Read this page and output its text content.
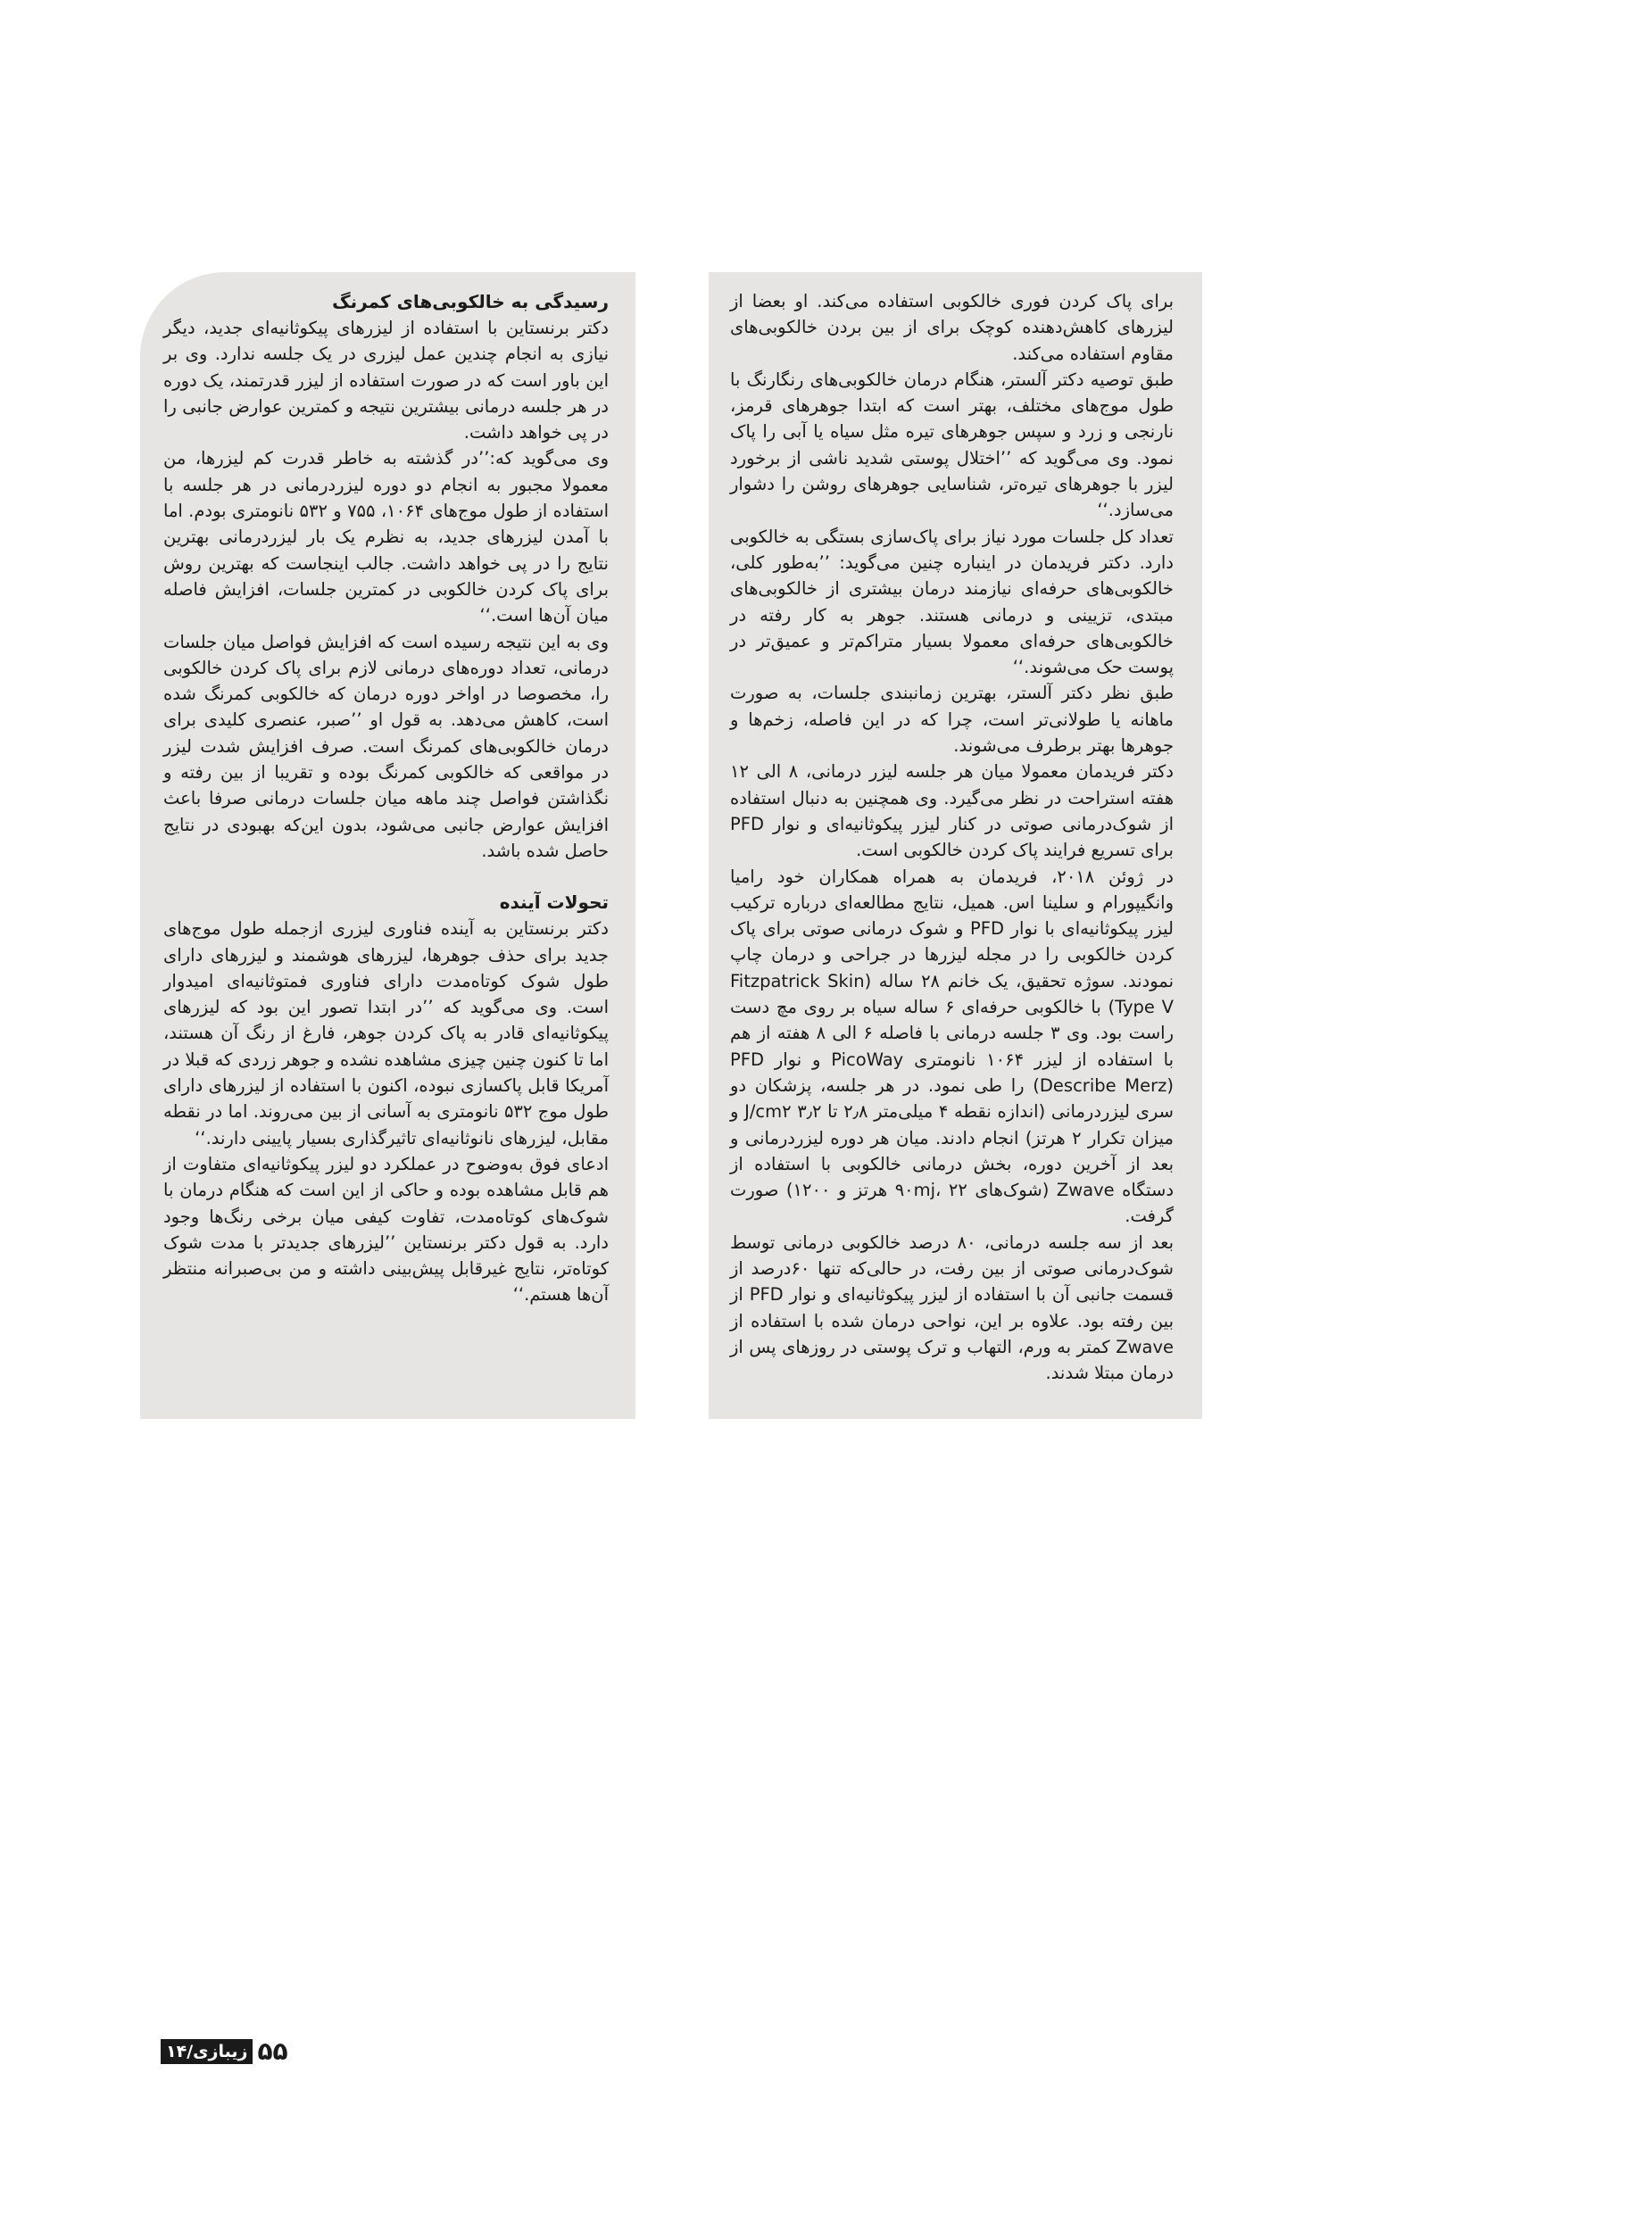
برای پاک کردن فوری خالکوبی استفاده می‌کند. او بعضا از لیزرهای کاهش‌دهنده کوچک برای از بین بردن خالکوبی‌های مقاوم استفاده می‌کند.

طبق توصیه دکتر آلستر، هنگام درمان خالکوبی‌های رنگارنگ با طول موج‌های مختلف، بهتر است که ابتدا جوهرهای قرمز، نارنجی و زرد و سپس جوهرهای تیره مثل سیاه یا آبی را پاک نمود. وی می‌گوید که ’’اختلال پوستی شدید ناشی از برخورد لیزر با جوهرهای تیره‌تر، شناسایی جوهرهای روشن را دشوار می‌سازد.‘‘

تعداد کل جلسات مورد نیاز برای پاک‌سازی بستگی به خالکوبی دارد. دکتر فریدمان در اینباره چنین می‌گوید: ’’به‌طور کلی، خالکوبی‌های حرفه‌ای نیازمند درمان بیشتری از خالکوبی‌های مبتدی، تزیینی و درمانی هستند. جوهر به کار رفته در خالکوبی‌های حرفه‌ای معمولا بسیار متراکم‌تر و عمیق‌تر در پوست حک می‌شوند.‘‘

طبق نظر دکتر آلستر، بهترین زمانبندی جلسات، به صورت ماهانه یا طولانی‌تر است، چرا که در این فاصله، زخم‌ها و جوهرها بهتر برطرف می‌شوند.

دکتر فریدمان معمولا میان هر جلسه لیزر درمانی، ۸ الی ۱۲ هفته استراحت در نظر می‌گیرد. وی همچنین به دنبال استفاده از شوک‌درمانی صوتی در کنار لیزر پیکوثانیه‌ای و نوار PFD برای تسریع فرایند پاک کردن خالکوبی است.

در ژوئن ۲۰۱۸، فریدمان به همراه همکاران خود رامیا وانگیپورام و سلینا اس. همیل، نتایج مطالعه‌ای درباره ترکیب لیزر پیکوثانیه‌ای با نوار PFD و شوک درمانی صوتی برای پاک کردن خالکوبی را در مجله لیزرها در جراحی و درمان چاپ نمودند. سوژه تحقیق، یک خانم ۲۸ ساله (Fitzpatrick Skin Type V) با خالکوبی حرفه‌ای ۶ ساله سیاه بر روی مچ دست راست بود. وی ۳ جلسه درمانی با فاصله ۶ الی ۸ هفته از هم با استفاده از لیزر ۱۰۶۴ نانومتری PicoWay و نوار PFD (Describe Merz) را طی نمود. در هر جلسه، پزشکان دو سری لیزردرمانی (اندازه نقطه ۴ میلی‌متر ۲٫۸ تا ۳٫۲ J/cm۲ و میزان تکرار ۲ هرتز) انجام دادند. میان هر دوره لیزردرمانی و بعد از آخرین دوره، بخش درمانی خالکوبی با استفاده از دستگاه Zwave (شوک‌های ۹۰mj، ۲۲ هرتز و ۱۲۰۰) صورت گرفت.

بعد از سه جلسه درمانی، ۸۰ درصد خالکوبی درمانی توسط شوک‌درمانی صوتی از بین رفت، در حالی‌که تنها ۶۰درصد از قسمت جانبی آن با استفاده از لیزر پیکوثانیه‌ای و نوار PFD از بین رفته بود. علاوه بر این، نواحی درمان شده با استفاده از Zwave کمتر به ورم، التهاب و ترک پوستی در روزهای پس از درمان مبتلا شدند.

رسیدگی به خالکوبی‌های کمرنگ

دکتر برنستاین با استفاده از لیزرهای پیکوثانیه‌ای جدید، دیگر نیازی به انجام چندین عمل لیزری در یک جلسه ندارد. وی بر این باور است که در صورت استفاده از لیزر قدرتمند، یک دوره در هر جلسه درمانی بیشترین نتیجه و کمترین عوارض جانبی را در پی خواهد داشت.

وی می‌گوید که:’’در گذشته به خاطر قدرت کم لیزرها، من معمولا مجبور به انجام دو دوره لیزردرمانی در هر جلسه با استفاده از طول موج‌های ۱۰۶۴، ۷۵۵ و ۵۳۲ نانومتری بودم. اما با آمدن لیزرهای جدید، به نظرم یک بار لیزردرمانی بهترین نتایج را در پی خواهد داشت. جالب اینجاست که بهترین روش برای پاک کردن خالکوبی در کمترین جلسات، افزایش فاصله میان آن‌ها است.‘‘

وی به این نتیجه رسیده است که افزایش فواصل میان جلسات درمانی، تعداد دوره‌های درمانی لازم برای پاک کردن خالکوبی را، مخصوصا در اواخر دوره درمان که خالکوبی کمرنگ شده است، کاهش می‌دهد. به قول او ’’صبر، عنصری کلیدی برای درمان خالکوبی‌های کمرنگ است. صرف افزایش شدت لیزر در مواقعی که خالکوبی کمرنگ بوده و تقریبا از بین رفته و نگذاشتن فواصل چند ماهه میان جلسات درمانی صرفا باعث افزایش عوارض جانبی می‌شود، بدون این‌که بهبودی در نتایج حاصل شده باشد.

تحولات آینده

دکتر برنستاین به آینده فناوری لیزری ازجمله طول موج‌های جدید برای حذف جوهرها، لیزرهای هوشمند و لیزرهای دارای طول شوک کوتاه‌مدت دارای فناوری فمتوثانیه‌ای امیدوار است. وی می‌گوید که ’’در ابتدا تصور این بود که لیزرهای پیکوثانیه‌ای قادر به پاک کردن جوهر، فارغ از رنگ آن هستند، اما تا کنون چنین چیزی مشاهده نشده و جوهر زردی که قبلا در آمریکا قابل پاکسازی نبوده، اکنون با استفاده از لیزرهای دارای طول موج ۵۳۲ نانومتری به آسانی از بین می‌روند. اما در نقطه مقابل، لیزرهای نانوثانیه‌ای تاثیرگذاری بسیار پایینی دارند.‘‘

ادعای فوق به‌وضوح در عملکرد دو لیزر پیکوثانیه‌ای متفاوت از هم قابل مشاهده بوده و حاکی از این است که هنگام درمان با شوک‌های کوتاه‌مدت، تفاوت کیفی میان برخی رنگ‌ها وجود دارد. به قول دکتر برنستاین ’’لیزرهای جدیدتر با مدت شوک کوتاه‌تر، نتایج غیرقابل پیش‌بینی داشته و من بی‌صبرانه منتظر آن‌ها هستم.‘‘

۵۵
زیبازی/۱۴
